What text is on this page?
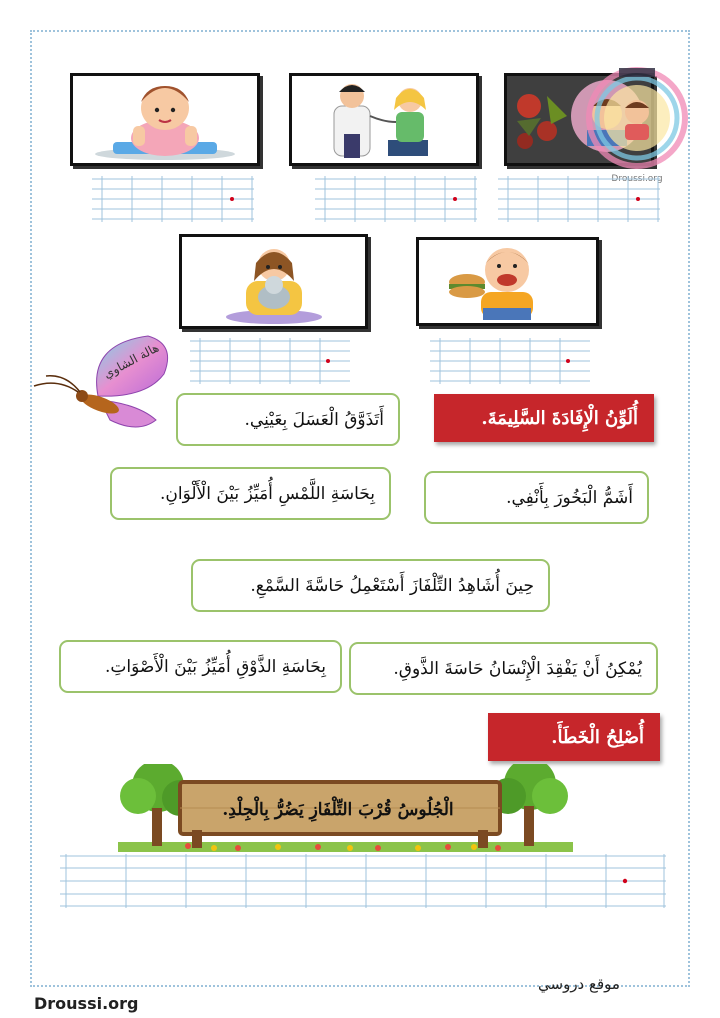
Droussi.org
هالة الشاوي
أُلَوِّنُ الْإِفَادَةَ السَّلِيمَةَ.
أَتَذَوَّقُ الْعَسَلَ بِعَيْنِي.
بِحَاسَةِ اللَّمْسِ أُمَيِّزُ بَيْنَ الْأَلْوَانِ.	أَشَمُّ الْبَخُورَ بِأَنْفِي.
حِينَ أُشَاهِدُ التِّلْفَازَ أَسْتَعْمِلُ حَاسَّةَ السَّمْعِ.
يُمْكِنُ أَنْ يَفْقِدَ الْإِنْسَانُ حَاسَةَ الذَّوقِ.
بِحَاسَةِ الذَّوْقِ أُمَيِّزُ بَيْنَ الْأَصْوَاتِ.
أُصْلِحُ الْخَطَأَ.
الْجُلُوسُ قُرْبَ التِّلْفَازِ يَضُرُّ بِالْجِلْدِ.
موقع دروسي
Droussi.org
